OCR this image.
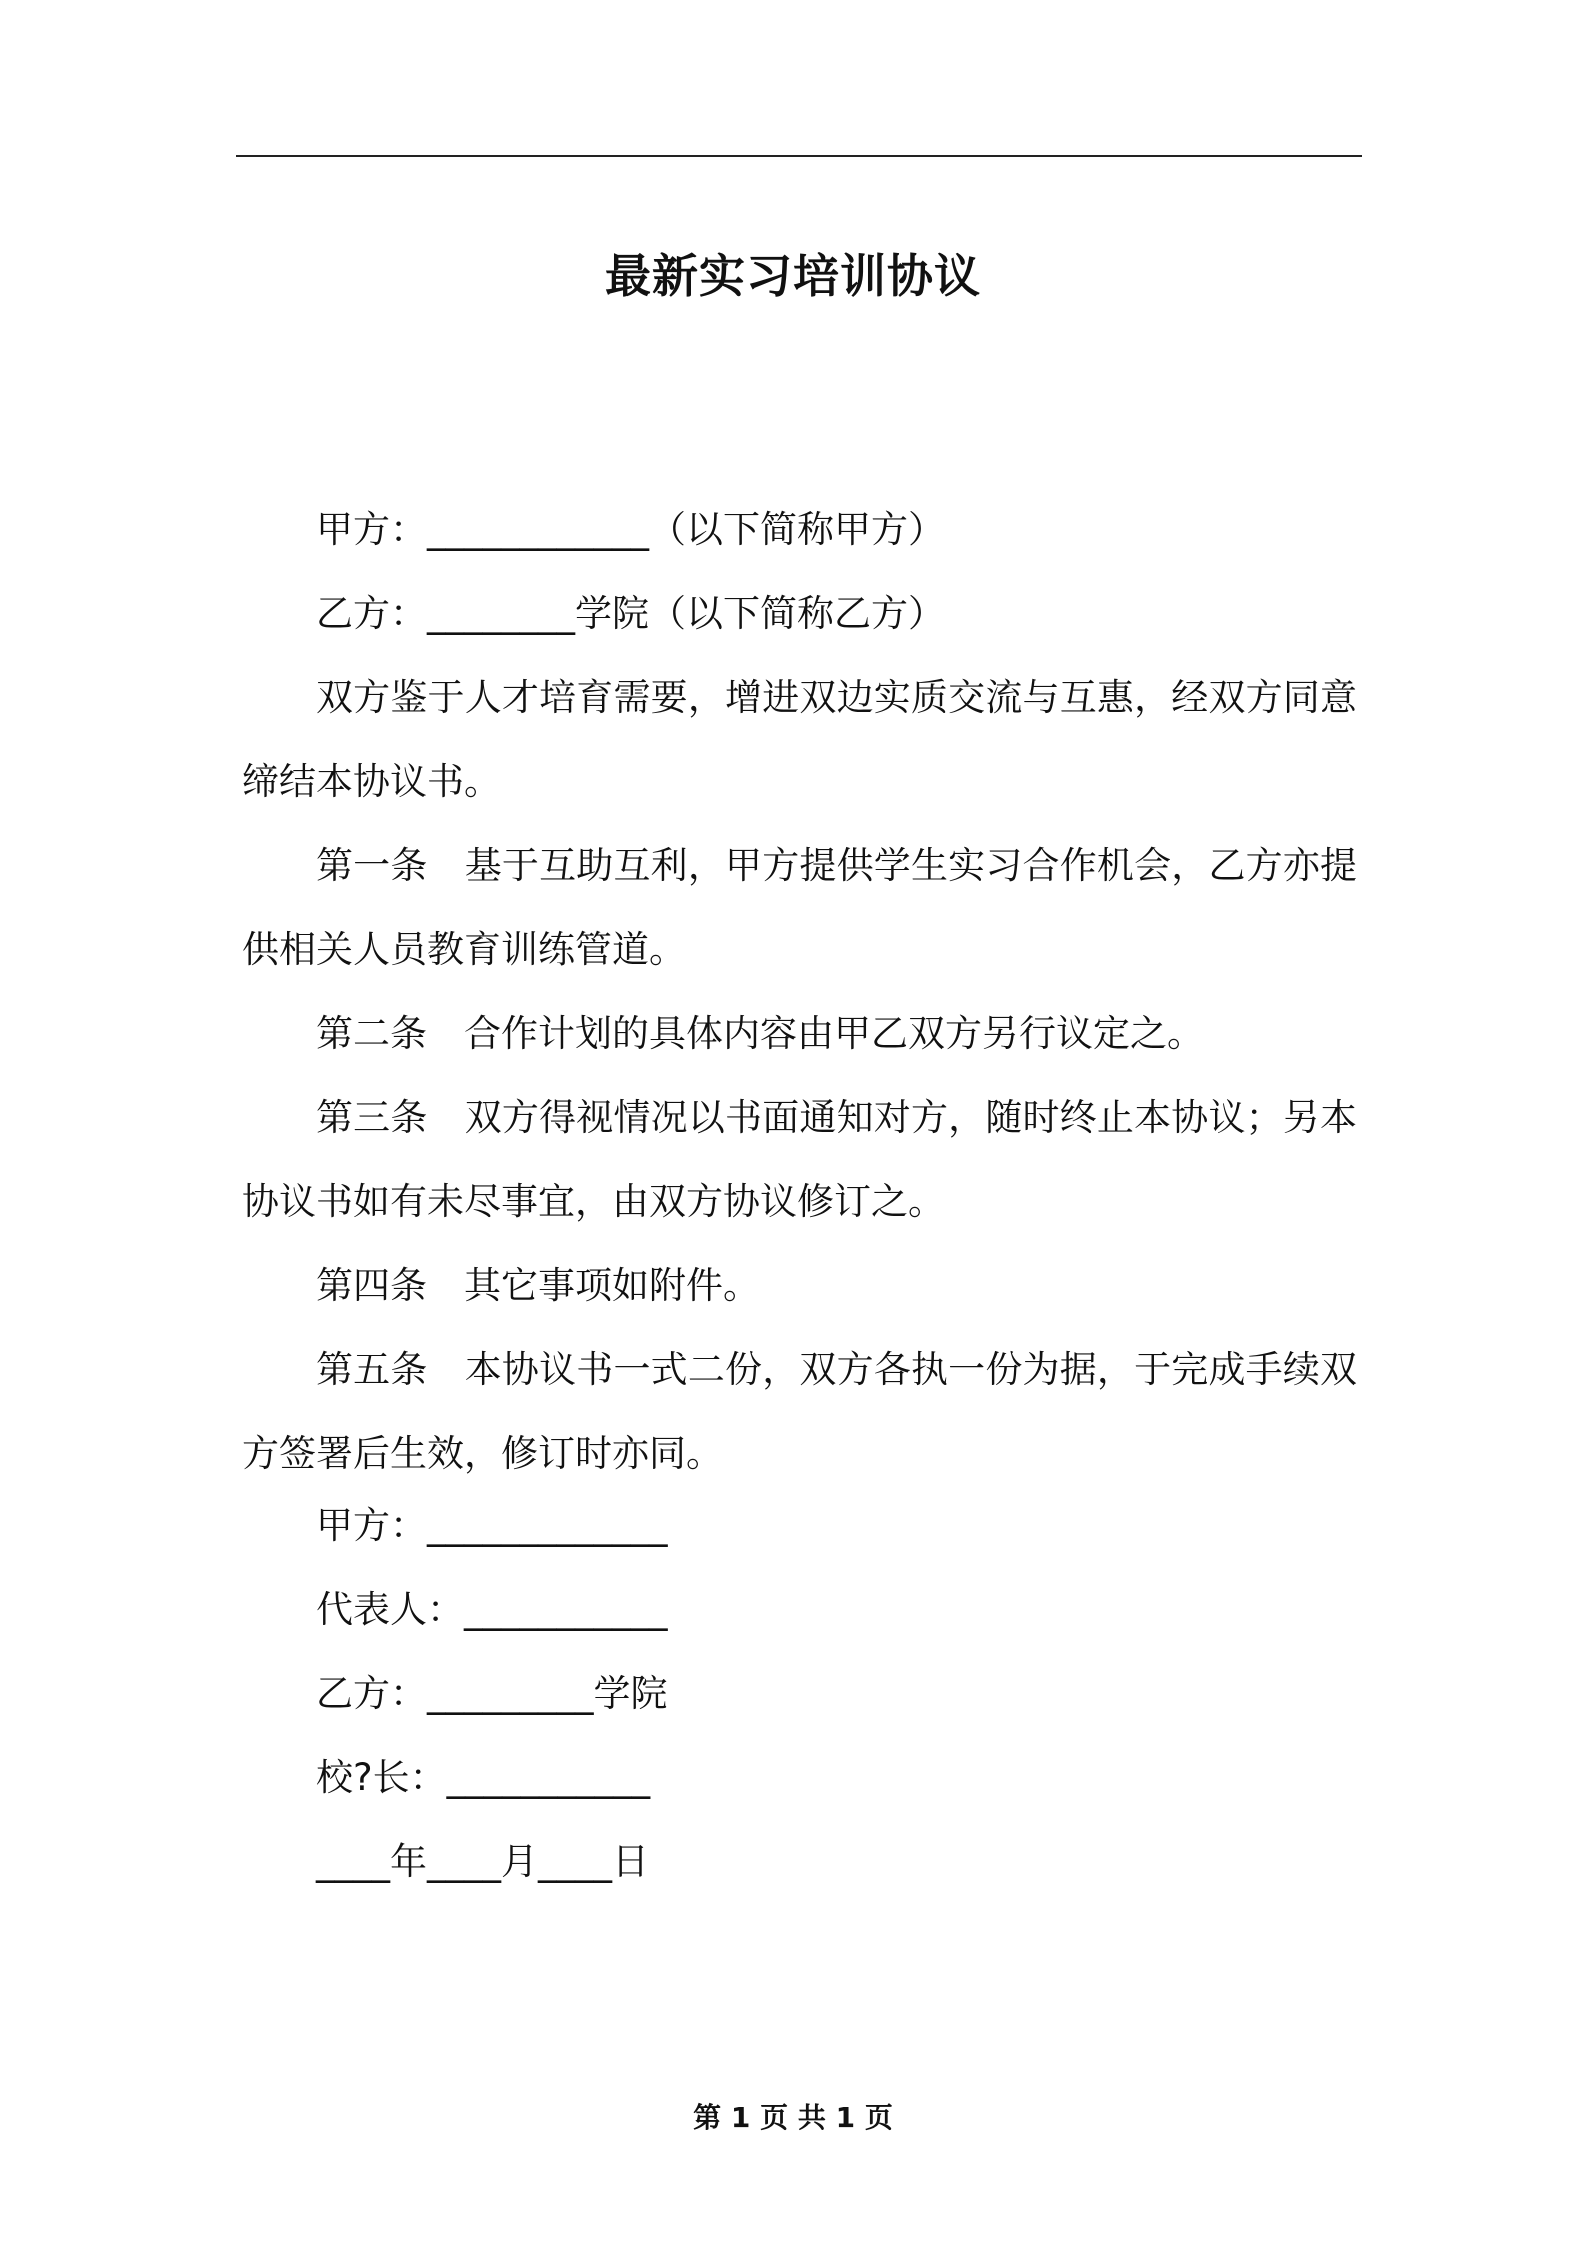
最新实习培训协议

甲方：____________（以下简称甲方）

乙方：________学院（以下简称乙方）

双方鉴于人才培育需要，增进双边实质交流与互惠，经双方同意缔结本协议书。

第一条　基于互助互利，甲方提供学生实习合作机会，乙方亦提供相关人员教育训练管道。

第二条　合作计划的具体内容由甲乙双方另行议定之。

第三条　双方得视情况以书面通知对方，随时终止本协议；另本协议书如有未尽事宜，由双方协议修订之。

第四条　其它事项如附件。

第五条　本协议书一式二份，双方各执一份为据，于完成手续双方签署后生效，修订时亦同。

甲方：_____________

代表人：___________

乙方：_________学院

校?长：___________

____年____月____日

第 1 页 共 1 页
